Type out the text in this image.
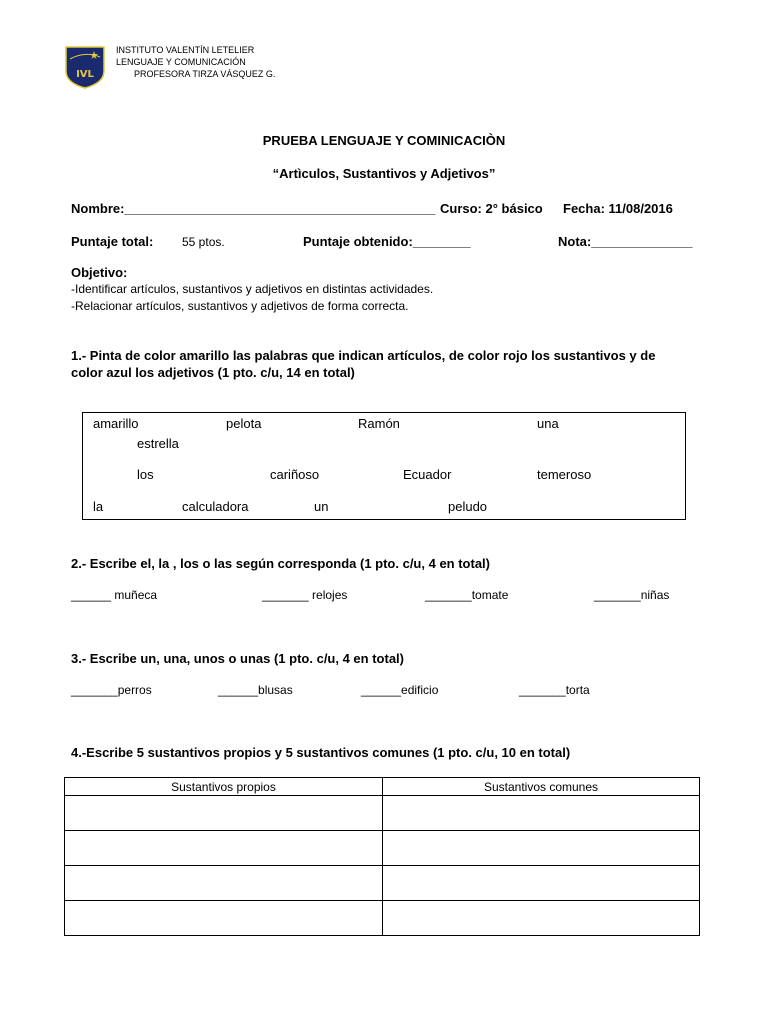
IVL
INSTITUTO VALENTÍN LETELIER
LENGUAJE Y COMUNICACIÓN
PROFESORA TIRZA VÁSQUEZ G.
PRUEBA LENGUAJE Y COMINICACIÒN
“Artìculos, Sustantivos y Adjetivos”
Nombre:___________________________________________ Curso: 2° básico Fecha: 11/08/2016
Puntaje total: 55 ptos.	Puntaje obtenido:________	Nota:______________
Objetivo:
-Identificar artículos, sustantivos y adjetivos en distintas actividades.
-Relacionar artículos, sustantivos y adjetivos de forma correcta.
1.- Pinta de color amarillo las palabras que indican artículos, de color rojo los sustantivos y de
color azul los adjetivos (1 pto. c/u, 14 en total)
amarillo	pelota	Ramón	una
estrella
los	cariñoso	Ecuador	temeroso
la	calculadora	un	peludo
2.- Escribe el, la , los o las según corresponda (1 pto. c/u, 4 en total)
______ muñeca	_______ relojes	_______tomate	_______niñas
3.- Escribe un, una, unos o unas (1 pto. c/u, 4 en total)
_______perros	______blusas	______edificio	_______torta
4.-Escribe 5 sustantivos propios y 5 sustantivos comunes (1 pto. c/u, 10 en total)
Sustantivos propios	Sustantivos comunes
